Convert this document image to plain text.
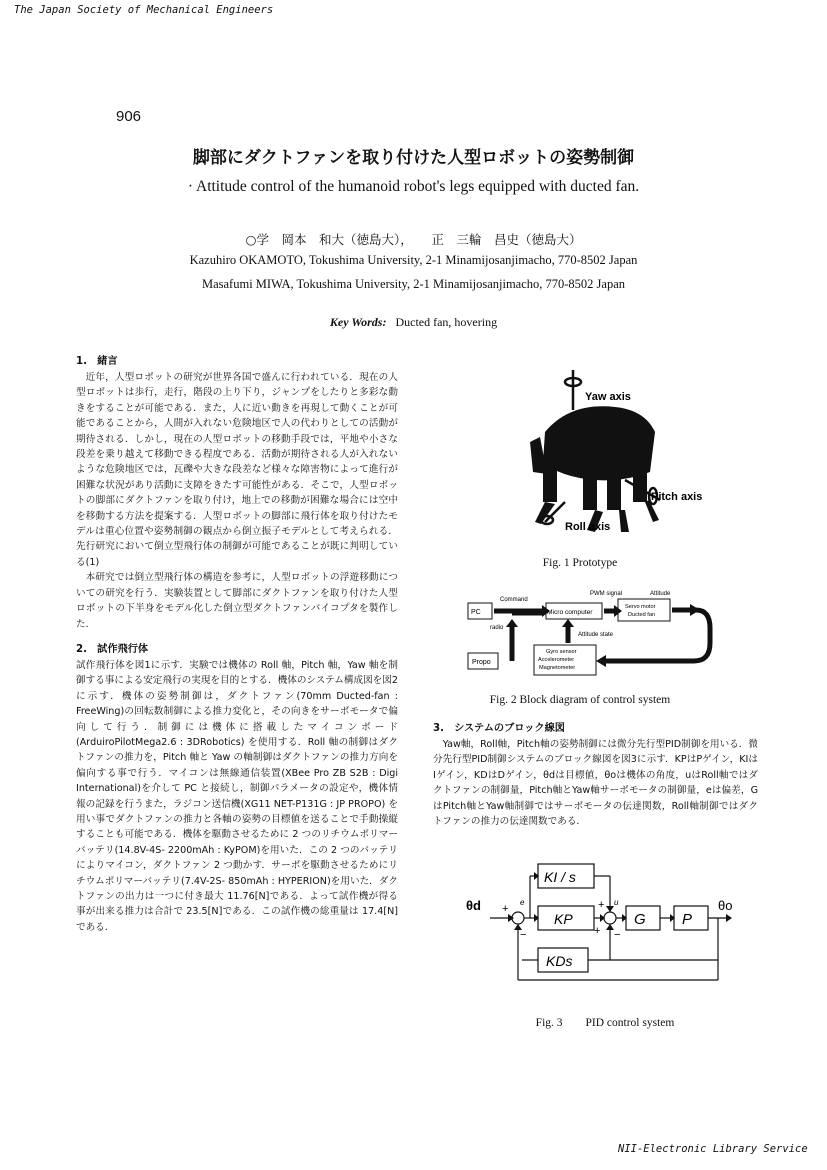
The Japan Society of Mechanical Engineers
NII-Electronic Library Service
906
脚部にダクトファンを取り付けた人型ロボットの姿勢制御
· Attitude control of the humanoid robot's legs equipped with ducted fan.
○学　岡本　和大（徳島大），　　正　三輪　昌史（徳島大）
Kazuhiro OKAMOTO, Tokushima University, 2-1 Minamijosanjimacho, 770-8502 Japan
Masafumi MIWA, Tokushima University, 2-1 Minamijosanjimacho, 770-8502 Japan
Key Words: Ducted fan, hovering
1.　緒言

近年，人型ロボットの研究が世界各国で盛んに行われている．現在の人型ロボットは歩行，走行，階段の上り下り，ジャンプをしたりと多彩な動きをすることが可能である．また，人に近い動きを再現して動くことが可能であることから，人間が入れない危険地区で人の代わりとしての活動が期待される．しかし，現在の人型ロボットの移動手段では，平地や小さな段差を乗り越えて移動できる程度である．活動が期待される人が入れないような危険地区では，瓦礫や大きな段差など様々な障害物によって進行が困難な状況があり活動に支障をきたす可能性がある．そこで，人型ロボットの脚部にダクトファンを取り付け，地上での移動が困難な場合には空中を移動する方法を提案する．人型ロボットの脚部に飛行体を取り付けたモデルは重心位置や姿勢制御の観点から倒立振子モデルとして考えられる．先行研究において倒立型飛行体の制御が可能であることが既に判明している(1)

本研究では倒立型飛行体の構造を参考に，人型ロボットの浮遊移動についての研究を行う．実験装置として脚部にダクトファンを取り付けた人型ロボットの下半身をモデル化した倒立型ダクトファンバイコプタを製作した．

2.　試作飛行体

試作飛行体を図1に示す．実験では機体の Roll 軸，Pitch 軸，Yaw 軸を制御する事による安定飛行の実現を目的とする．機体のシステム構成図を図2に示す．機体の姿勢制御は，ダクトファン(70mm Ducted-fan : FreeWing)の回転数制御による推力変化と，その向きをサーボモータで偏向して行う．制御には機体に搭載したマイコンボード(ArduiroPilotMega2.6 : 3DRobotics) を使用する．Roll 軸の制御はダクトファンの推力を，Pitch 軸と Yaw の軸制御はダクトファンの推力方向を偏向する事で行う．マイコンは無線通信装置(XBee Pro ZB S2B : Digi International)を介して PC と接続し，制御パラメータの設定や，機体情報の記録を行うまた，ラジコン送信機(XG11 NET-P131G : JP PROPO) を用い事でダクトファンの推力と各軸の姿勢の目標値を送ることで手動操縦することも可能である．機体を駆動させるために 2 つのリチウムポリマーバッテリ(14.8V-4S- 2200mAh : KyPOM)を用いた．この 2 つのバッテリによりマイコン，ダクトファン 2 つ動かす．サーボを駆動させるためにリチウムポリマーバッテリ(7.4V-2S- 850mAh : HYPERION)を用いた．ダクトファンの出力は一つに付き最大 11.76[N]である．よって試作機が得る事が出来る推力は合計で 23.5[N]である．この試作機の総重量は 17.4[N]である．

3.　システムのブロック線図

Yaw軸，Roll軸，Pitch軸の姿勢制御には微分先行型PID制御を用いる．微分先行型PID制御システムのブロック線図を図3に示す．KPはPゲイン，KIはIゲイン，KDはDゲイン，θdは目標値，θoは機体の角度，uはRoll軸ではダクトファンの制御量，Pitch軸とYaw軸サーボモータの制御量，eは偏差，GはPitch軸とYaw軸制御ではサーボモータの伝達関数，Roll軸制御ではダクトファンの推力の伝達関数である．

Yaw axis
Pitch axis
Roll axis
Fig. 1 Prototype
PC
Propo
Micro computer
Servo motor
Ducted fan
Gyro sensor
Accelerometer
Magnetometer
Command
radio
PWM signal	Attitude
Attitude state
Fig. 2 Block diagram of control system
θd	θo
e	u
KI / s
KP
KDs
G P
+
−
+
+ −
Fig. 3　　PID control system
